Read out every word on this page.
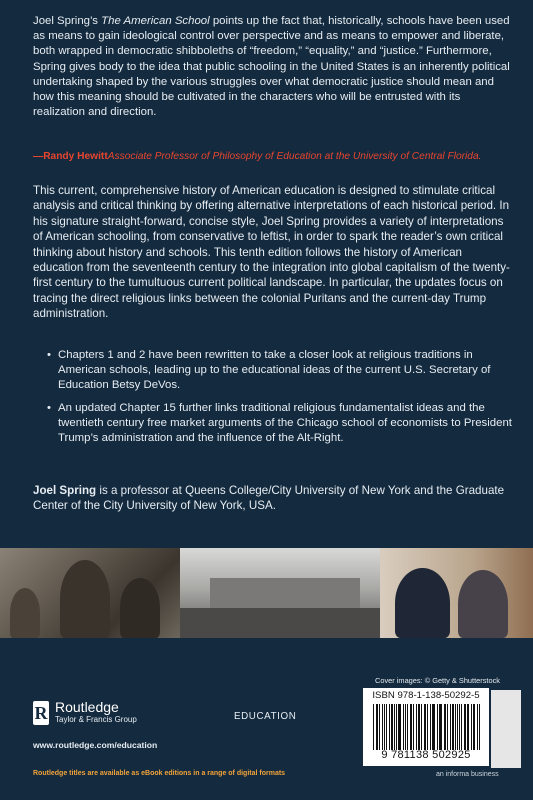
Joel Spring’s The American School points up the fact that, historically, schools have been used as means to gain ideological control over perspective and as means to empower and liberate, both wrapped in democratic shibboleths of “freedom,” “equality,” and “justice.” Furthermore, Spring gives body to the idea that public schooling in the United States is an inherently political undertaking shaped by the various struggles over what democratic justice should mean and how this meaning should be cultivated in the characters who will be entrusted with its realization and direction.
—Randy HewittAssociate Professor of Philosophy of Education at the University of Central Florida.
This current, comprehensive history of American education is designed to stimulate critical analysis and critical thinking by offering alternative interpretations of each historical period. In his signature straight-forward, concise style, Joel Spring provides a variety of interpretations of American schooling, from conservative to leftist, in order to spark the reader’s own critical thinking about history and schools. This tenth edition follows the history of American education from the seventeenth century to the integration into global capitalism of the twenty-first century to the tumultuous current political landscape. In particular, the updates focus on tracing the direct religious links between the colonial Puritans and the current-day Trump administration.
• Chapters 1 and 2 have been rewritten to take a closer look at religious traditions in American schools, leading up to the educational ideas of the current U.S. Secretary of Education Betsy DeVos.
• An updated Chapter 15 further links traditional religious fundamentalist ideas and the twentieth century free market arguments of the Chicago school of economists to President Trump’s administration and the influence of the Alt-Right.
Joel Spring is a professor at Queens College/City University of New York and the Graduate Center of the City University of New York, USA.
R Routledge
Taylor & Francis Group
www.routledge.com/education
Routledge titles are available as eBook editions in a range of digital formats
EDUCATION
Cover images: © Getty & Shutterstock
ISBN 978-1-138-50292-5
9 781138 502925
an informa business
